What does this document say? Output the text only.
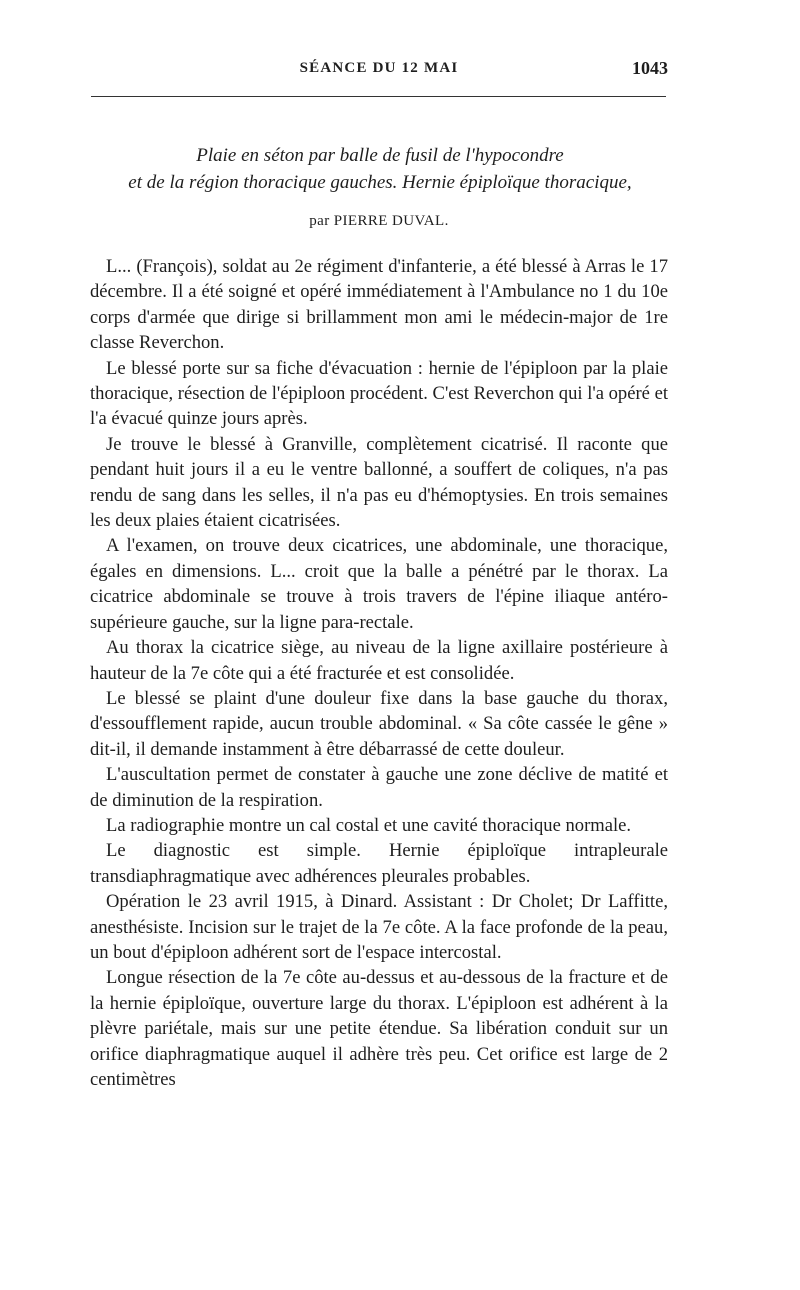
SÉANCE DU 12 MAI	1043
Plaie en séton par balle de fusil de l'hypocondre
et de la région thoracique gauches. Hernie épiploïque thoracique,
par PIERRE DUVAL.

L... (François), soldat au 2e régiment d'infanterie, a été blessé à Arras le 17 décembre. Il a été soigné et opéré immédiatement à l'Ambulance no 1 du 10e corps d'armée que dirige si brillamment mon ami le médecin-major de 1re classe Reverchon.

Le blessé porte sur sa fiche d'évacuation : hernie de l'épiploon par la plaie thoracique, résection de l'épiploon procédent. C'est Reverchon qui l'a opéré et l'a évacué quinze jours après.

Je trouve le blessé à Granville, complètement cicatrisé. Il raconte que pendant huit jours il a eu le ventre ballonné, a souffert de coliques, n'a pas rendu de sang dans les selles, il n'a pas eu d'hémoptysies. En trois semaines les deux plaies étaient cicatrisées.

A l'examen, on trouve deux cicatrices, une abdominale, une thoracique, égales en dimensions. L... croit que la balle a pénétré par le thorax. La cicatrice abdominale se trouve à trois travers de l'épine iliaque antéro-supérieure gauche, sur la ligne para-rectale.

Au thorax la cicatrice siège, au niveau de la ligne axillaire postérieure à hauteur de la 7e côte qui a été fracturée et est consolidée.

Le blessé se plaint d'une douleur fixe dans la base gauche du thorax, d'essoufflement rapide, aucun trouble abdominal. « Sa côte cassée le gêne » dit-il, il demande instamment à être débarrassé de cette douleur.

L'auscultation permet de constater à gauche une zone déclive de matité et de diminution de la respiration.

La radiographie montre un cal costal et une cavité thoracique normale.

Le diagnostic est simple. Hernie épiploïque intrapleurale transdiaphragmatique avec adhérences pleurales probables.

Opération le 23 avril 1915, à Dinard. Assistant : Dr Cholet; Dr Laffitte, anesthésiste. Incision sur le trajet de la 7e côte. A la face profonde de la peau, un bout d'épiploon adhérent sort de l'espace intercostal.

Longue résection de la 7e côte au-dessus et au-dessous de la fracture et de la hernie épiploïque, ouverture large du thorax. L'épiploon est adhérent à la plèvre pariétale, mais sur une petite étendue. Sa libération conduit sur un orifice diaphragmatique auquel il adhère très peu. Cet orifice est large de 2 centimètres
